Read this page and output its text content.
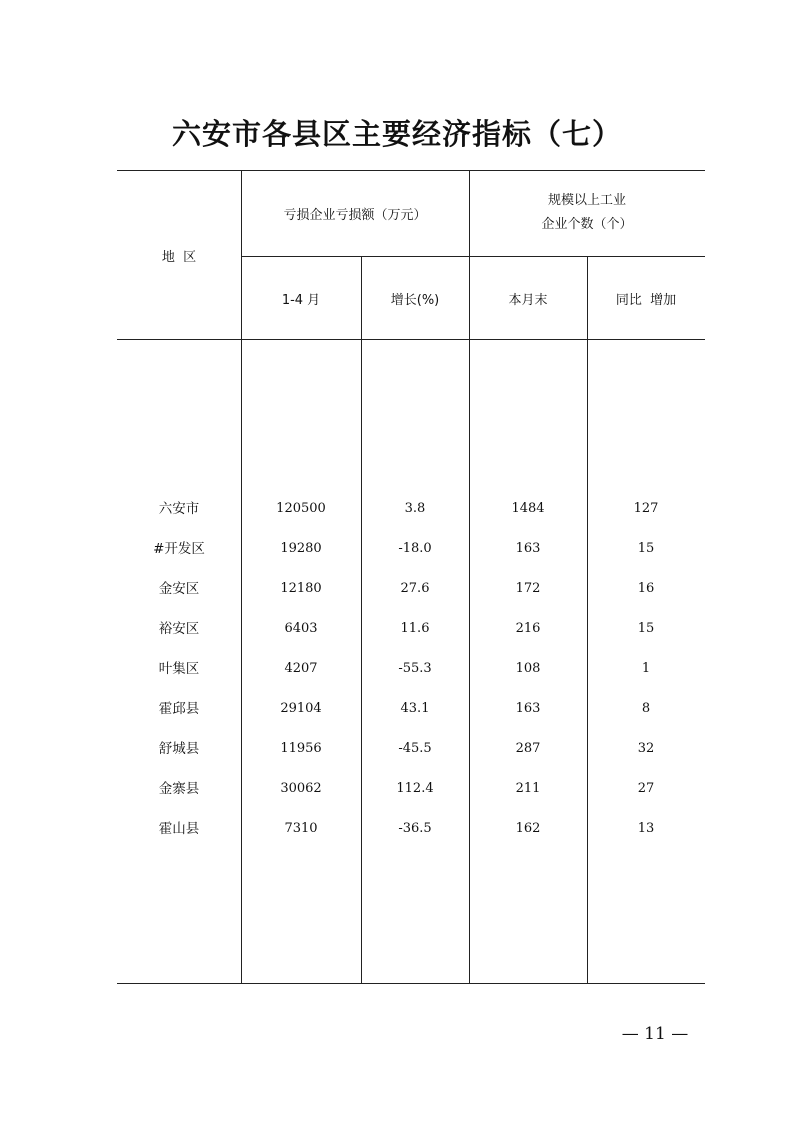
六安市各县区主要经济指标（七）
地  区
亏损企业亏损额（万元）
规模以上工业
企业个数（个）
1-4 月	增长(%)	本月末	同比  增加
六安市	120500	3.8	1484	127
#开发区	19280	-18.0	163	15
金安区	12180	27.6	172	16
裕安区	6403	11.6	216	15
叶集区	4207	-55.3	108	1
霍邱县	29104	43.1	163	8
舒城县	11956	-45.5	287	32
金寨县	30062	112.4	211	27
霍山县	7310	-36.5	162	13
— 11 —
